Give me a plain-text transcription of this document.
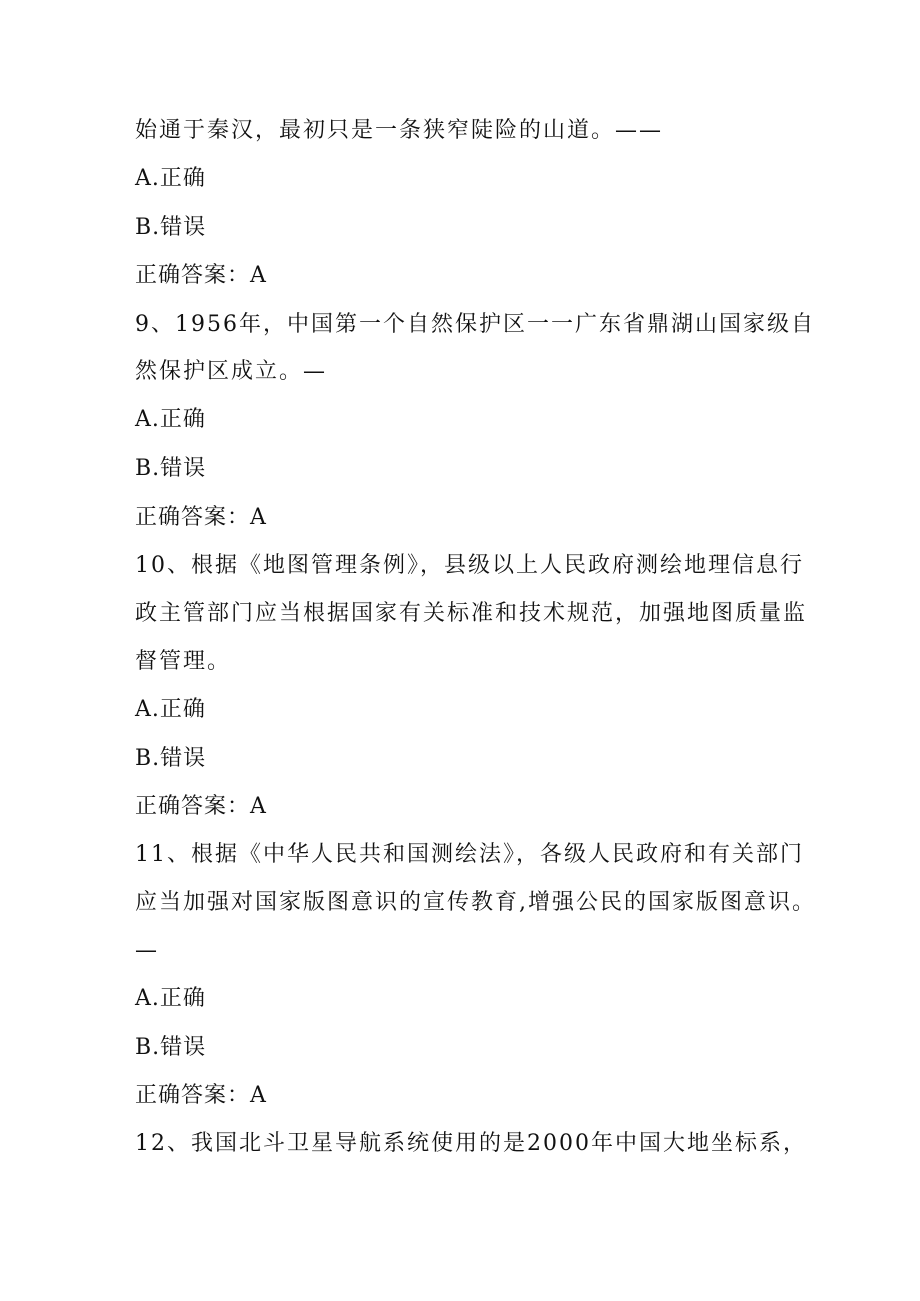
始通于秦汉，最初只是一条狭窄陡险的山道。——
A.正确
B.错误
正确答案：A
9、1956年，中国第一个自然保护区一一广东省鼎湖山国家级自
然保护区成立。—
A.正确
B.错误
正确答案：A
10、根据《地图管理条例》，县级以上人民政府测绘地理信息行
政主管部门应当根据国家有关标准和技术规范，加强地图质量监
督管理。
A.正确
B.错误
正确答案：A
11、根据《中华人民共和国测绘法》，各级人民政府和有关部门
应当加强对国家版图意识的宣传教育,增强公民的国家版图意识。
—
A.正确
B.错误
正确答案：A
12、我国北斗卫星导航系统使用的是2000年中国大地坐标系，
